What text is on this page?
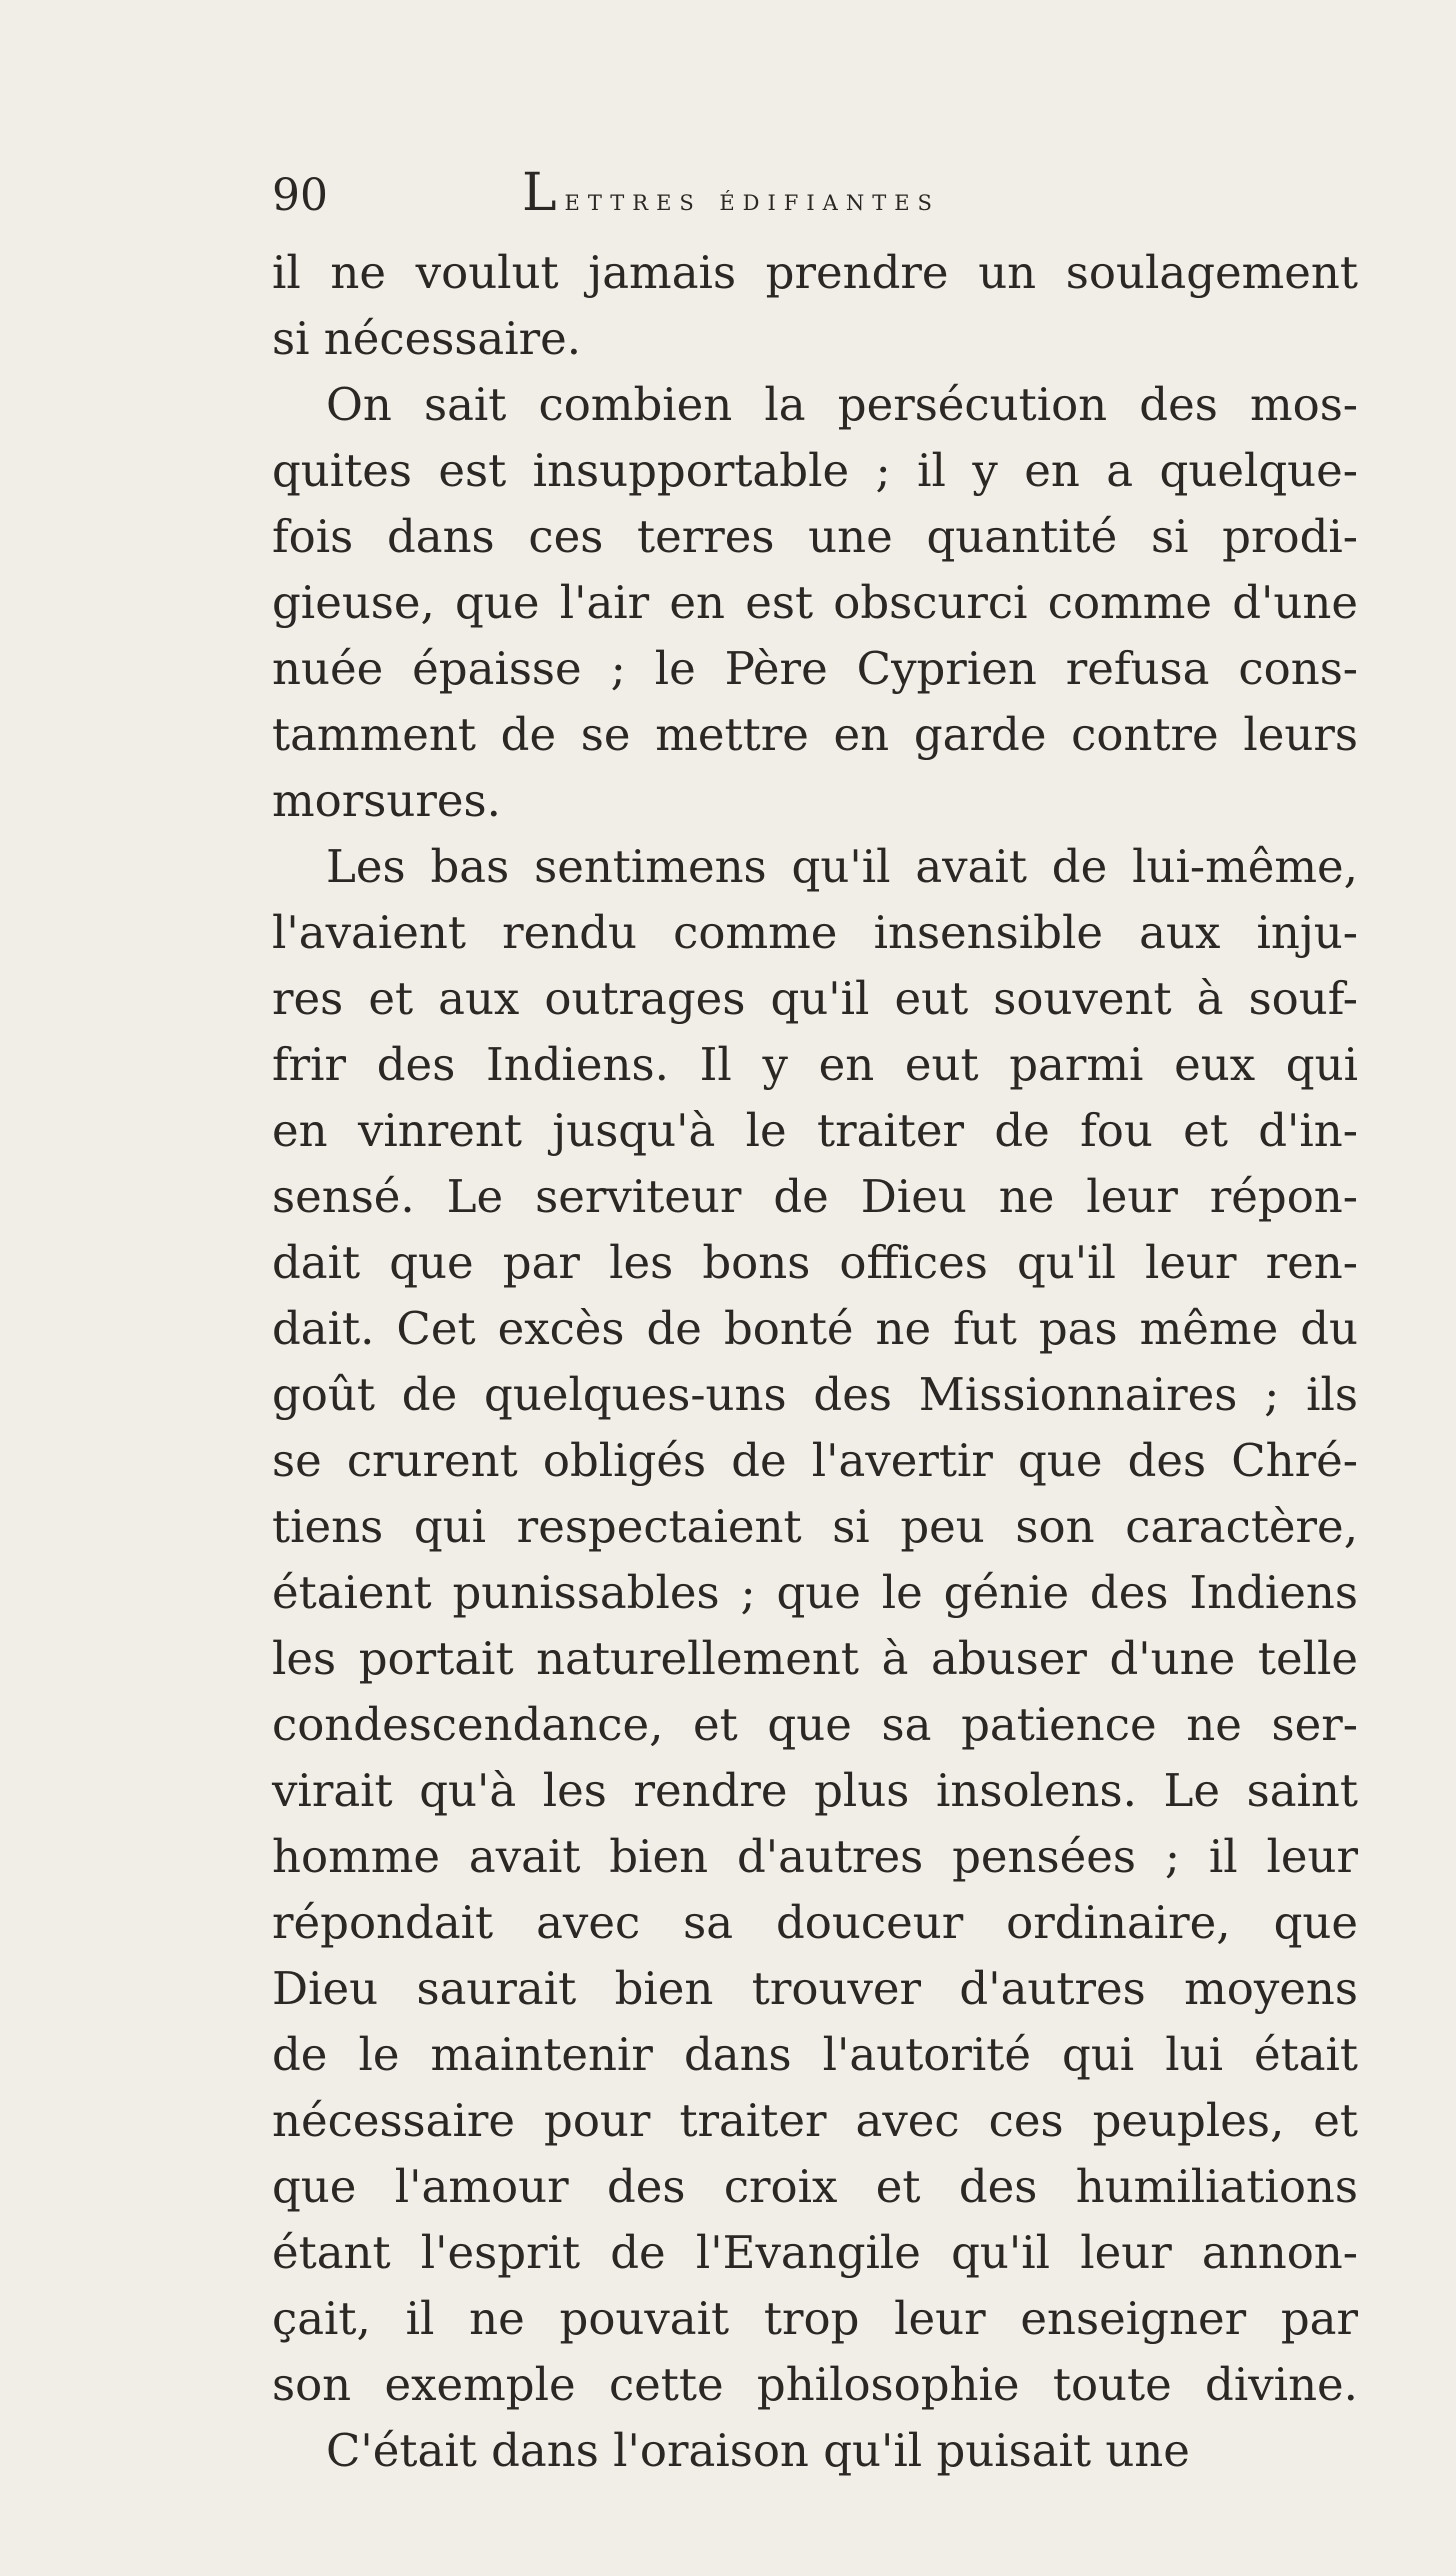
90	Lettres édifiantes
il ne voulut jamais prendre un soulagement
si nécessaire.
On sait combien la persécution des mos-
quites est insupportable ; il y en a quelque-
fois dans ces terres une quantité si prodi-
gieuse, que l'air en est obscurci comme d'une
nuée épaisse ; le Père Cyprien refusa cons-
tamment de se mettre en garde contre leurs
morsures.
Les bas sentimens qu'il avait de lui-même,
l'avaient rendu comme insensible aux inju-
res et aux outrages qu'il eut souvent à souf-
frir des Indiens. Il y en eut parmi eux qui
en vinrent jusqu'à le traiter de fou et d'in-
sensé. Le serviteur de Dieu ne leur répon-
dait que par les bons offices qu'il leur ren-
dait. Cet excès de bonté ne fut pas même du
goût de quelques-uns des Missionnaires ; ils
se crurent obligés de l'avertir que des Chré-
tiens qui respectaient si peu son caractère,
étaient punissables ; que le génie des Indiens
les portait naturellement à abuser d'une telle
condescendance, et que sa patience ne ser-
virait qu'à les rendre plus insolens. Le saint
homme avait bien d'autres pensées ; il leur
répondait avec sa douceur ordinaire, que
Dieu saurait bien trouver d'autres moyens
de le maintenir dans l'autorité qui lui était
nécessaire pour traiter avec ces peuples, et
que l'amour des croix et des humiliations
étant l'esprit de l'Evangile qu'il leur annon-
çait, il ne pouvait trop leur enseigner par
son exemple cette philosophie toute divine.
C'était dans l'oraison qu'il puisait une
